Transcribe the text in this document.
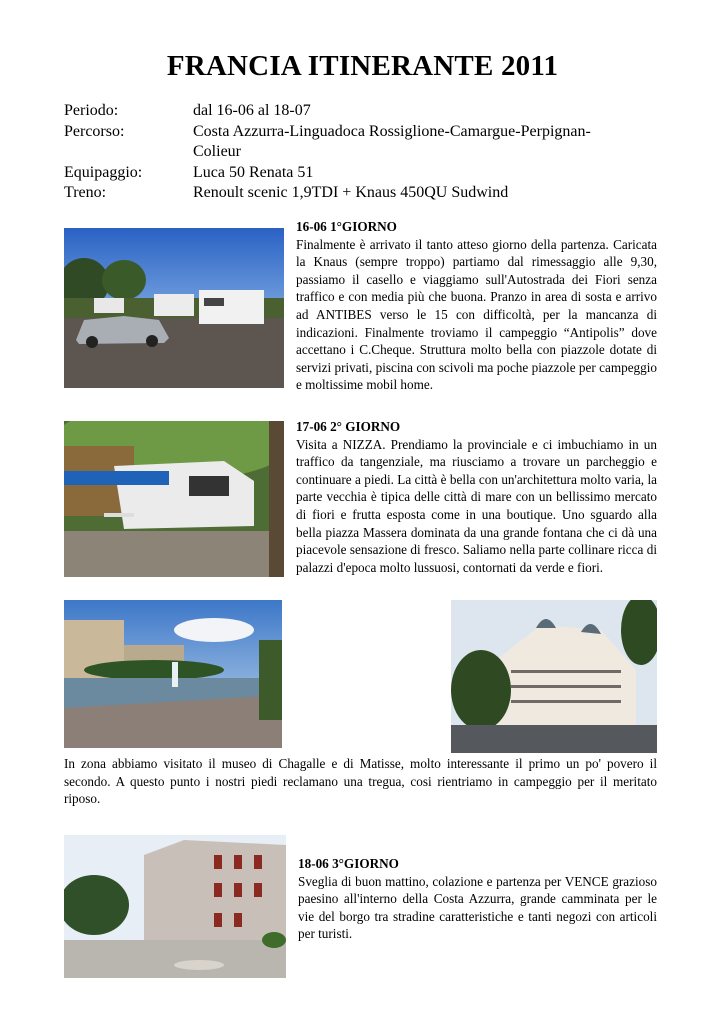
FRANCIA ITINERANTE 2011
Periodo:	dal 16-06 al 18-07
Percorso:	Costa Azzurra-Linguadoca Rossiglione-Camargue-Perpignan-Colieur
Equipaggio:	Luca 50 Renata 51
Treno:	Renoult scenic 1,9TDI + Knaus 450QU Sudwind
16-06 1°GIORNO

Finalmente è arrivato il tanto atteso giorno della partenza. Caricata la Knaus (sempre troppo) partiamo dal rimessaggio alle 9,30, passiamo il casello e viaggiamo sull'Autostrada dei Fiori senza traffico e con media più che buona. Pranzo in area di sosta e arrivo ad ANTIBES verso le 15 con difficoltà, per la mancanza di indicazioni. Finalmente troviamo il campeggio “Antipolis” dove accettano i C.Cheque. Struttura molto bella con piazzole dotate di servizi privati, piscina con scivoli ma poche piazzole per campeggio e moltissime mobil home.

17-06 2° GIORNO

Visita a NIZZA. Prendiamo la provinciale e ci imbuchiamo in un traffico da tangenziale, ma riusciamo a trovare un parcheggio e continuare a piedi. La città è bella con un'architettura molto varia, la parte vecchia è tipica delle città di mare con un bellissimo mercato di fiori e frutta esposta come in una boutique. Uno sguardo alla bella piazza Massera dominata da una grande fontana che ci dà una piacevole sensazione di fresco. Saliamo nella parte collinare ricca di palazzi d'epoca molto lussuosi, contornati da verde e fiori.

In zona abbiamo visitato il museo di Chagalle e di Matisse, molto interessante il primo un po' povero il secondo. A questo punto i nostri piedi reclamano una tregua, cosi rientriamo in campeggio per il meritato riposo.
18-06 3°GIORNO

Sveglia di buon mattino, colazione e partenza per VENCE grazioso paesino all'interno della Costa Azzurra, grande camminata per le vie del borgo tra stradine caratteristiche e tanti negozi con articoli per turisti.
